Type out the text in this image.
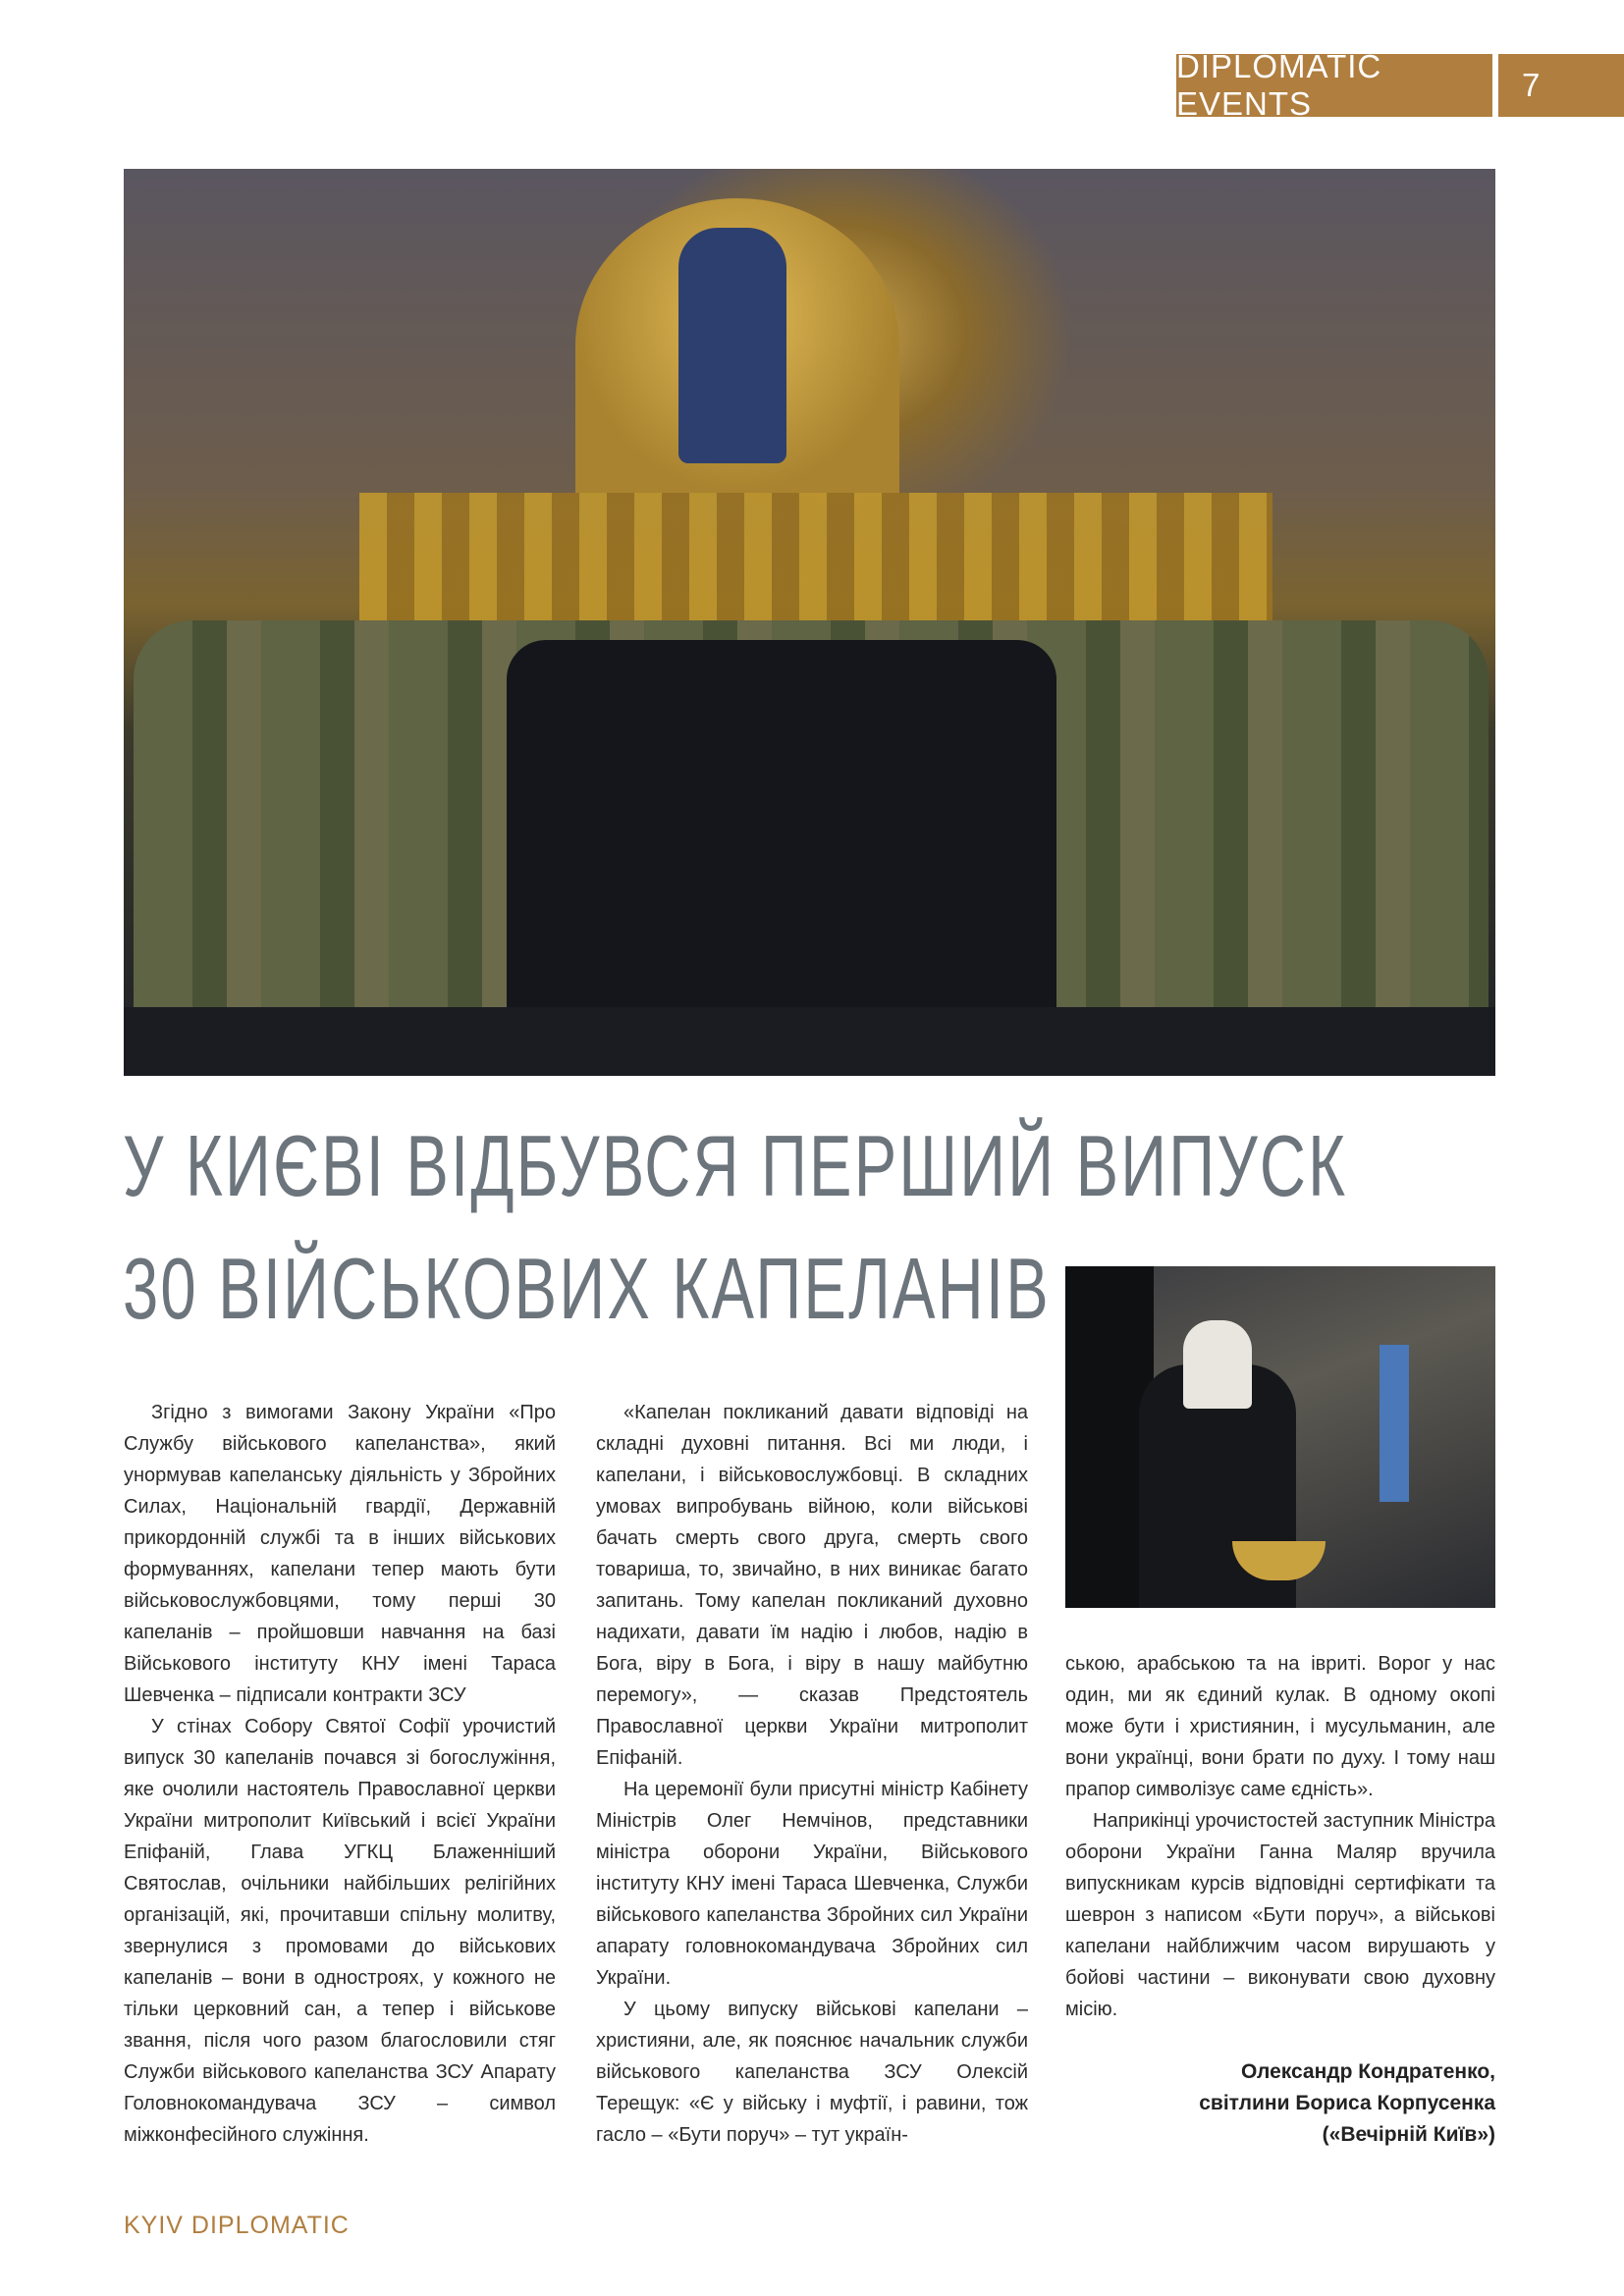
DIPLOMATIC EVENTS
7
У КИЄВІ ВІДБУВСЯ ПЕРШИЙ ВИПУСК
30 ВІЙСЬКОВИХ КАПЕЛАНІВ

Згідно з вимогами Закону України «Про Службу військового капеланства», який унормував капеланську діяльність у Збройних Силах, Національній гвардії, Державній прикордонній службі та в інших військових формуваннях, капелани тепер мають бути військовослужбовцями, тому перші 30 капеланів – пройшовши навчання на базі Військового інституту КНУ імені Тараса Шевченка – підписали контракти ЗСУ

У стінах Собору Святої Софії урочистий випуск 30 капеланів почався зі богослужіння, яке очолили настоятель Православної церкви України митрополит Київський і всієї України Епіфаній, Глава УГКЦ Блаженніший Святослав, очільники найбільших релігійних організацій, які, прочитавши спільну молитву, звернулися з промовами до військових капеланів – вони в одностроях, у кожного не тільки церковний сан, а тепер і військове звання, після чого разом благословили стяг Служби військового капеланства ЗСУ Апарату Головнокомандувача ЗСУ – символ міжконфесійного служіння.

«Капелан покликаний давати відповіді на складні духовні питання. Всі ми люди, і капелани, і військовослужбовці. В складних умовах випробувань війною, коли військові бачать смерть свого друга, смерть свого товариша, то, звичайно, в них виникає багато запитань. Тому капелан покликаний духовно надихати, давати їм надію і любов, надію в Бога, віру в Бога, і віру в нашу майбутню перемогу», — сказав Предстоятель Православної церкви України митрополит Епіфаній.

На церемонії були присутні міністр Кабінету Міністрів Олег Немчінов, представники міністра оборони України, Військового інституту КНУ імені Тараса Шевченка, Служби військового капеланства Збройних сил України апарату головнокомандувача Збройних сил України.

У цьому випуску військові капелани – християни, але, як пояснює начальник служби військового капеланства ЗСУ Олексій Терещук: «Є у війську і муфтії, і равини, тож гасло – «Бути поруч» – тут україн-

ською, арабською та на івриті. Ворог у нас один, ми як єдиний кулак. В одному окопі може бути і християнин, і мусульманин, але вони українці, вони брати по духу. І тому наш прапор символізує саме єдність».

Наприкінці урочистостей заступник Міністра оборони України Ганна Маляр вручила випускникам курсів відповідні сертифікати та шеврон з написом «Бути поруч», а військові капелани найближчим часом вирушають у бойові частини – виконувати свою духовну місію.

Олександр Кондратенко,
світлини Бориса Корпусенка
(«Вечірній Київ»)
KYIV DIPLOMATIC
